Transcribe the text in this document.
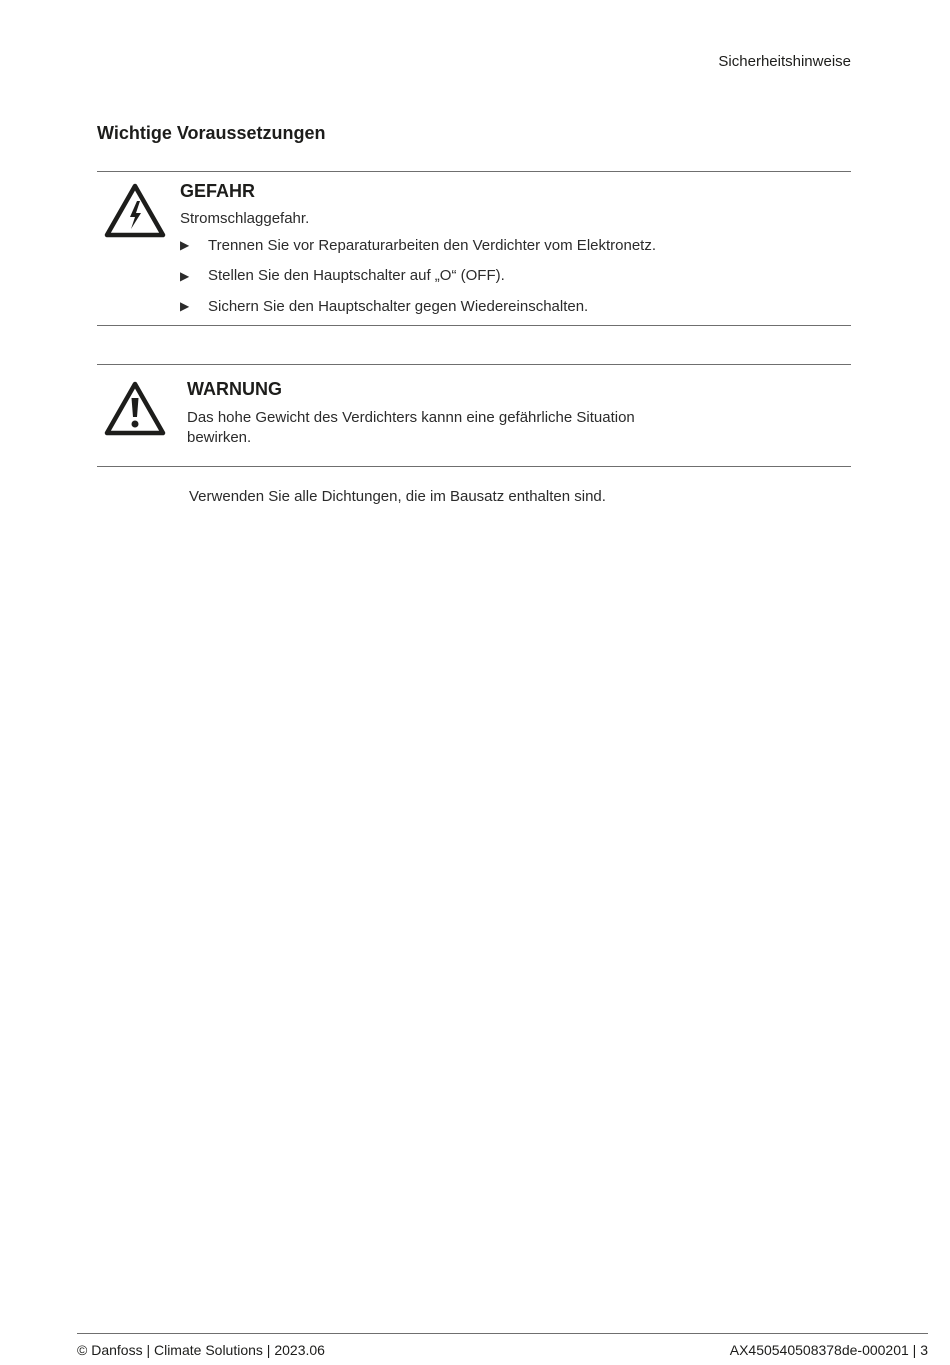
Sicherheitshinweise
Wichtige Voraussetzungen
GEFAHR
Stromschlaggefahr.
▶	Trennen Sie vor Reparaturarbeiten den Verdichter vom Elektronetz.
▶	Stellen Sie den Hauptschalter auf „O“ (OFF).
▶	Sichern Sie den Hauptschalter gegen Wiedereinschalten.
WARNUNG
Das hohe Gewicht des Verdichters kannn eine gefährliche Situation
bewirken.
Verwenden Sie alle Dichtungen, die im Bausatz enthalten sind.
© Danfoss | Climate Solutions | 2023.06	AX450540508378de-000201 | 3
